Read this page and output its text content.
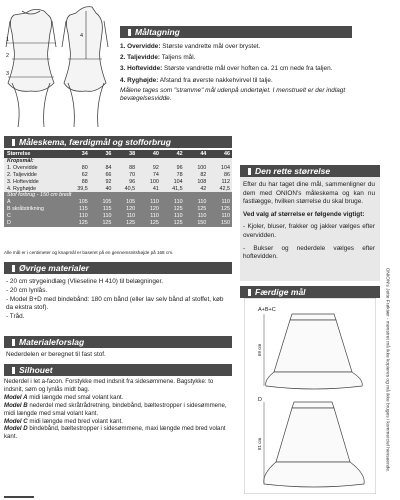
1
2
3
4	Måltagning
1. Overvidde: Største vandrette mål over brystet.
2. Taljevidde: Taljens mål.
3. Hoftevidde: Største vandrette mål over hoften ca. 21 cm nede fra taljen.
4. Ryghøjde: Afstand fra øverste nakkehvirvel til talje.
Målene tages som "stramme" mål udenpå undertøjet. I menstruelt er der indlagt bevægelsesvidde.
Måleskema, færdigmål og stofforbrug
Størrelse	34	36	38	40	42	44	46
Kropsmål:
1. Overvidde	80	84	88	92	96	100	104
2. Taljevidde	62	66	70	74	78	82	86
3. Hoftevidde	88	92	96	100	104	108	112
4. Ryghøjde	39,5	40	40,5	41	41,5	42	42,5
Stof forbrug - 150 cm bredt
A	105	105	105	110	110	110	110
B skråtstrikning	115	115	120	120	125	125	125
C	110	110	110	110	110	110	110
D	125	125	125	125	125	150	150
Alle mål er i centimeter og knapmål er baseret på en gennemsnitshøjde på 168 cm.
Den rette størrelse
Efter du har taget dine mål, sammenligner du dem med ONION's måleskema og kan nu fastlægge, hvilken størrelse du skal bruge.
Ved valg af størrelse er følgende vigtigt:
- Kjoler, bluser, frakker og jakker vælges efter overvidden.
- Bukser og nederdele vælges efter hoftevidden.
Øvrige materialer
- 20 cm strygeindlæg (Vlieseline H 410) til belægninger.
- 20 cm lynlås.
- Model B+D med bindebånd: 180 cm bånd (eller lav selv bånd af stoffet, køb da ekstra stof).
- Tråd.
Materialeforslag
Nederdelen er beregnet til fast stof.
Silhouet
Nederdel i let a-facon. Forstykke med indsnit fra sidesømmene. Bagstykke: to indsnit, søm og lynlås midt bag.
Model A midi længde med smal volant kant.
Model B nederdel med skråtrådretning, bindebånd, bæltestropper i sidesømmene, midi længde med smal volant kant.
Model C midi længde med bred volant kant.
Model D bindebånd, bæltestropper i sidesømmene, maxi længde med bred volant kant.
Færdige mål
A+B+C
69 cm
D
81 cm	ONION's Jette Frøkiær - mønstret må ikke kopieres og må ikke bruges i kommerciel henseende.
